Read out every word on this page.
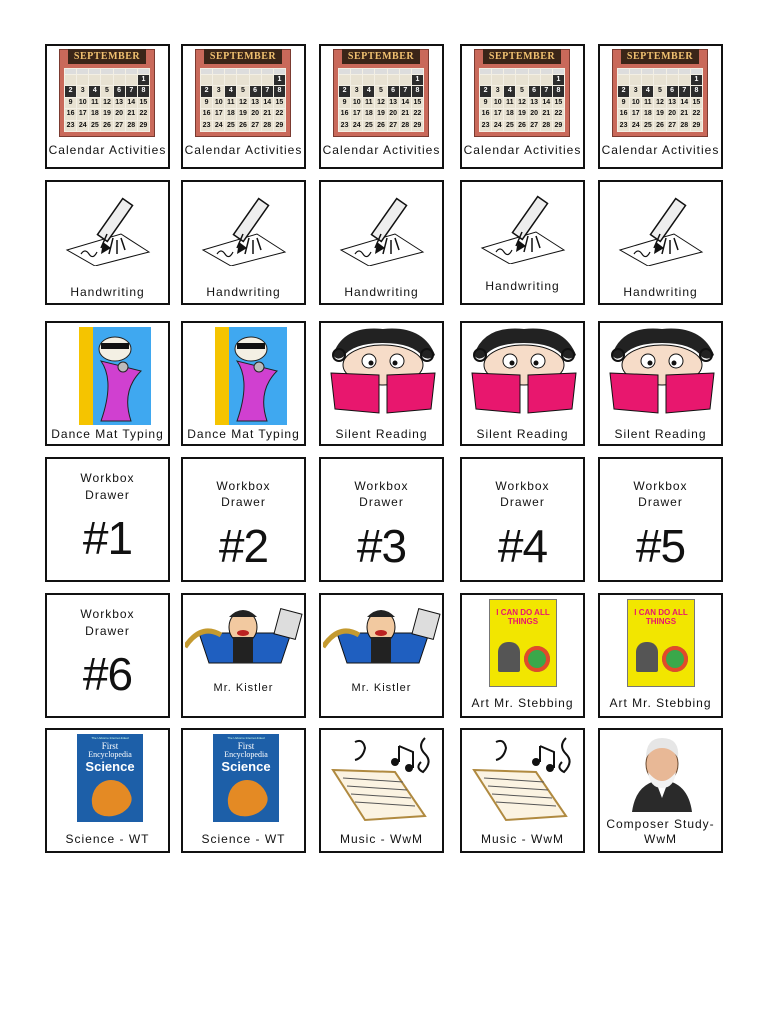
SEPTEMBER
1
2	3	4	5	6	7	8
9 10 11 12 13 14 15
16 17 18 19 20 21 22
23 24 25 26 27 28 29
Calendar Activities
SEPTEMBER
1
2	3	4	5	6	7	8
9 10 11 12 13 14 15
16 17 18 19 20 21 22
23 24 25 26 27 28 29
Calendar Activities
SEPTEMBER
1
2	3	4	5	6	7	8
9 10 11 12 13 14 15
16 17 18 19 20 21 22
23 24 25 26 27 28 29
Calendar Activities
SEPTEMBER
1
2	3	4	5	6	7	8
9 10 11 12 13 14 15
16 17 18 19 20 21 22
23 24 25 26 27 28 29
Calendar Activities
SEPTEMBER
1
2	3	4	5	6	7	8
9 10 11 12 13 14 15
16 17 18 19 20 21 22
23 24 25 26 27 28 29
Calendar Activities
Handwriting	Handwriting	Handwriting	Handwriting	Handwriting
Dance Mat Typing	Dance Mat Typing	Silent Reading	Silent Reading	Silent Reading
Workbox
Drawer
#1
Workbox
Drawer
#2
Workbox
Drawer
#3
Workbox
Drawer
#4
Workbox
Drawer
#5
Workbox
Drawer
#6	Mr. Kistler	Mr. Kistler
I CAN DO ALL THINGS
Art Mr. Stebbing
I CAN DO ALL THINGS
Art Mr. Stebbing
The Usborne Internet-linked
First
Encyclopedia
Science
Science - WT
The Usborne Internet-linked
First
Encyclopedia
Science
Science - WT	Music - WwM	Music - WwM
Composer Study-
WwM
